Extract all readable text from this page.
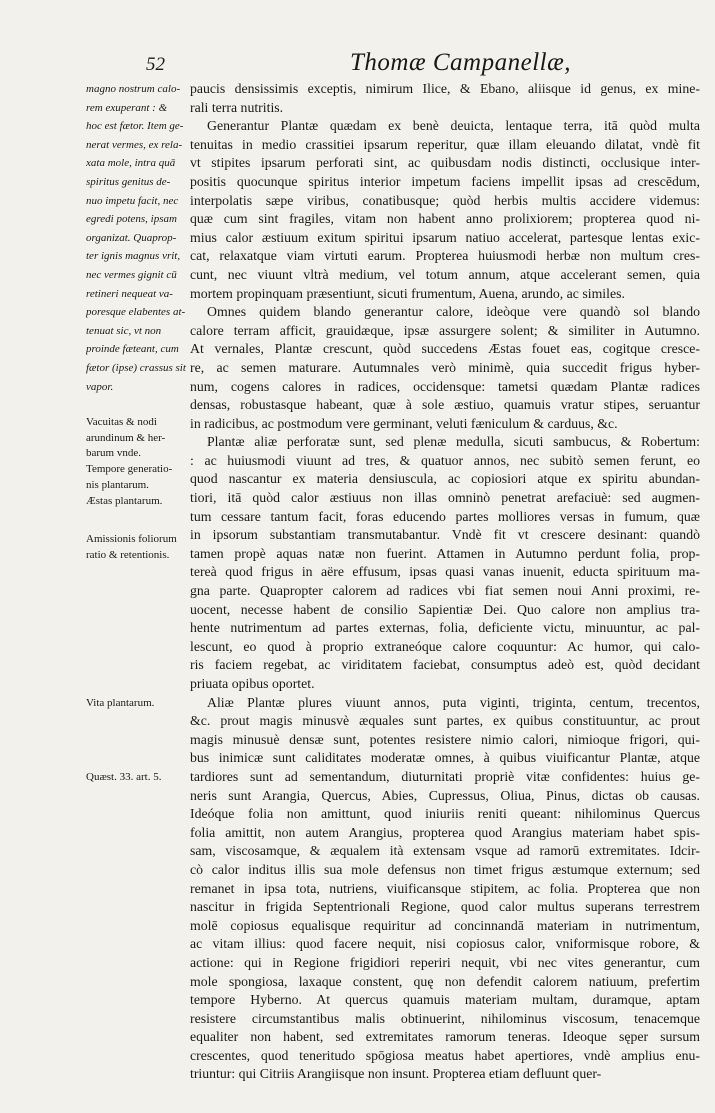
52	Thomæ Campanellæ,
magno nostrum calo-
rem exuperant : &
hoc est fætor. Item ge-
nerat vermes, ex rela-
xata mole, intra quā
spiritus genitus de-
nuo impetu facit, nec
egredi potens, ipsam
organizat. Quaprop-
ter ignis magnus vrit,
nec vermes gignit cū
retineri nequeat va-
poresque elabentes at-
tenuat sic, vt non
proinde fæteant, cum
fætor (ipse) crassus sit
vapor.
Vacuitas & nodi
arundinum & her-
barum vnde.
Tempore generatio-
nis plantarum.
Æstas plantarum.
Amissionis foliorum
ratio & retentionis.
Vita plantarum.
Quæst. 33. art. 5.
paucis densissimis exceptis, nimirum Ilice, & Ebano, aliisque id genus, ex mine-
rali terra nutritis.
Generantur Plantæ quædam ex benè deuicta, lentaque terra, itā quòd multa
tenuitas in medio crassitiei ipsarum reperitur, quæ illam eleuando dilatat, vndè fit
vt stipites ipsarum perforati sint, ac quibusdam nodis distincti, occlusique inter-
positis quocunque spiritus interior impetum faciens impellit ipsas ad crescēdum,
interpolatis sæpe viribus, conatibusque; quòd herbis multis accidere videmus:
quæ cum sint fragiles, vitam non habent anno prolixiorem; propterea quod ni-
mius calor æstiuum exitum spiritui ipsarum natiuo accelerat, partesque lentas exic-
cat, relaxatque viam virtuti earum. Propterea huiusmodi herbæ non multum cres-
cunt, nec viuunt vltrà medium, vel totum annum, atque accelerant semen, quia
mortem propinquam præsentiunt, sicuti frumentum, Auena, arundo, ac similes.
Omnes quidem blando generantur calore, ideòque vere quandò sol blando
calore terram afficit, grauidæque, ipsæ assurgere solent; & similiter in Autumno.
At vernales, Plantæ crescunt, quòd succedens Æstas fouet eas, cogitque cresce-
re, ac semen maturare. Autumnales verò minimè, quia succedit frigus hyber-
num, cogens calores in radices, occidensque: tametsi quædam Plantæ radices
densas, robustasque habeant, quæ à sole æstiuo, quamuis vratur stipes, seruantur
in radicibus, ac postmodum vere germinant, veluti fæniculum & carduus, &c.
Plantæ aliæ perforatæ sunt, sed plenæ medulla, sicuti sambucus, & Robertum:
: ac huiusmodi viuunt ad tres, & quatuor annos, nec subitò semen ferunt, eo
quod nascantur ex materia densiuscula, ac copiosiori atque ex spiritu abundan-
tiori, itā quòd calor æstiuus non illas omninò penetrat arefaciuè: sed augmen-
tum cessare tantum facit, foras educendo partes molliores versas in fumum, quæ
in ipsorum substantiam transmutabantur. Vndè fit vt crescere desinant: quandò
tamen propè aquas natæ non fuerint. Attamen in Autumno perdunt folia, prop-
tereà quod frigus in aëre effusum, ipsas quasi vanas inuenit, educta spirituum ma-
gna parte. Quapropter calorem ad radices vbi fiat semen noui Anni proximi, re-
uocent, necesse habent de consilio Sapientiæ Dei. Quo calore non amplius tra-
hente nutrimentum ad partes externas, folia, deficiente victu, minuuntur, ac pal-
lescunt, eo quod à proprio extraneóque calore coquuntur: Ac humor, qui calo-
ris faciem regebat, ac viriditatem faciebat, consumptus adeò est, quòd decidant
priuata opibus oportet.
Aliæ Plantæ plures viuunt annos, puta viginti, triginta, centum, trecentos,
&c. prout magis minusvè æquales sunt partes, ex quibus constituuntur, ac prout
magis minusuè densæ sunt, potentes resistere nimio calori, nimioque frigori, qui-
bus inimicæ sunt caliditates moderatæ omnes, à quibus viuificantur Plantæ, atque
tardiores sunt ad sementandum, diuturnitati propriè vitæ confidentes: huius ge-
neris sunt Arangia, Quercus, Abies, Cupressus, Oliua, Pinus, dictas ob causas.
Ideóque folia non amittunt, quod iniuriis reniti queant: nihilominus Quercus
folia amittit, non autem Arangius, propterea quod Arangius materiam habet spis-
sam, viscosamque, & æqualem ità extensam vsque ad ramorū extremitates. Idcir-
cò calor inditus illis sua mole defensus non timet frigus æstumque externum; sed
remanet in ipsa tota, nutriens, viuificansque stipitem, ac folia. Propterea que non
nascitur in frigida Septentrionali Regione, quod calor multus superans terrestrem
molē copiosus equalisque requiritur ad concinnandā materiam in nutrimentum,
ac vitam illius: quod facere nequit, nisi copiosus calor, vniformisque robore, &
actione: qui in Regione frigidiori reperiri nequit, vbi nec vites generantur, cum
mole spongiosa, laxaque constent, quę non defendit calorem natiuum, prefertim
tempore Hyberno. At quercus quamuis materiam multam, duramque, aptam
resistere circumstantibus malis obtinuerint, nihilominus viscosum, tenacemque
equaliter non habent, sed extremitates ramorum teneras. Ideoque sęper sursum
crescentes, quod teneritudo spōgiosa meatus habet apertiores, vndè amplius enu-
triuntur: qui Citriis Arangiisque non insunt. Propterea etiam defluunt quer-
